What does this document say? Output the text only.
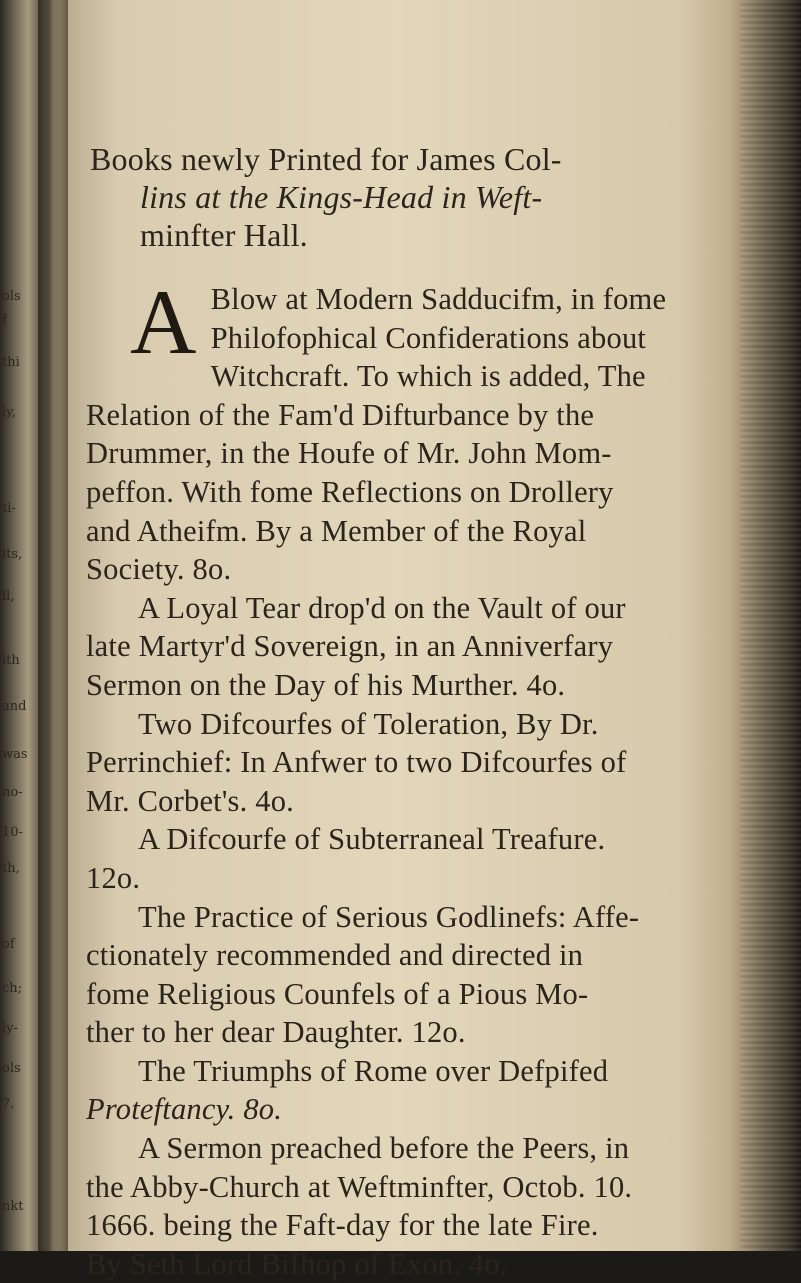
ols
f
thi
ly,
ti-
its,
ll,
ith
and
was
no-
10-
th,
of
ch;
ly-
ols
7.
nkt
Books newly Printed for James Col-
lins at the Kings-Head in Weft-
minfter Hall.
A Blow at Modern Sadducifm, in fome
Philofophical Confiderations about
Witchcraft. To which is added, The
Relation of the Fam'd Difturbance by the
Drummer, in the Houfe of Mr. John Mom-
peffon. With fome Reflections on Drollery
and Atheifm. By a Member of the Royal
Society. 8o.
A Loyal Tear drop'd on the Vault of our
late Martyr'd Sovereign, in an Anniverfary
Sermon on the Day of his Murther. 4o.
Two Difcourfes of Toleration, By Dr.
Perrinchief: In Anfwer to two Difcourfes of
Mr. Corbet's. 4o.
A Difcourfe of Subterraneal Treafure.
12o.
The Practice of Serious Godlinefs: Affe-
ctionately recommended and directed in
fome Religious Counfels of a Pious Mo-
ther to her dear Daughter. 12o.
The Triumphs of Rome over Defpifed
Proteftancy. 8o.
A Sermon preached before the Peers, in
the Abby-Church at Weftminfter, Octob. 10.
1666. being the Faft-day for the late Fire.
By Seth Lord Bifhop of Exon. 4o.
